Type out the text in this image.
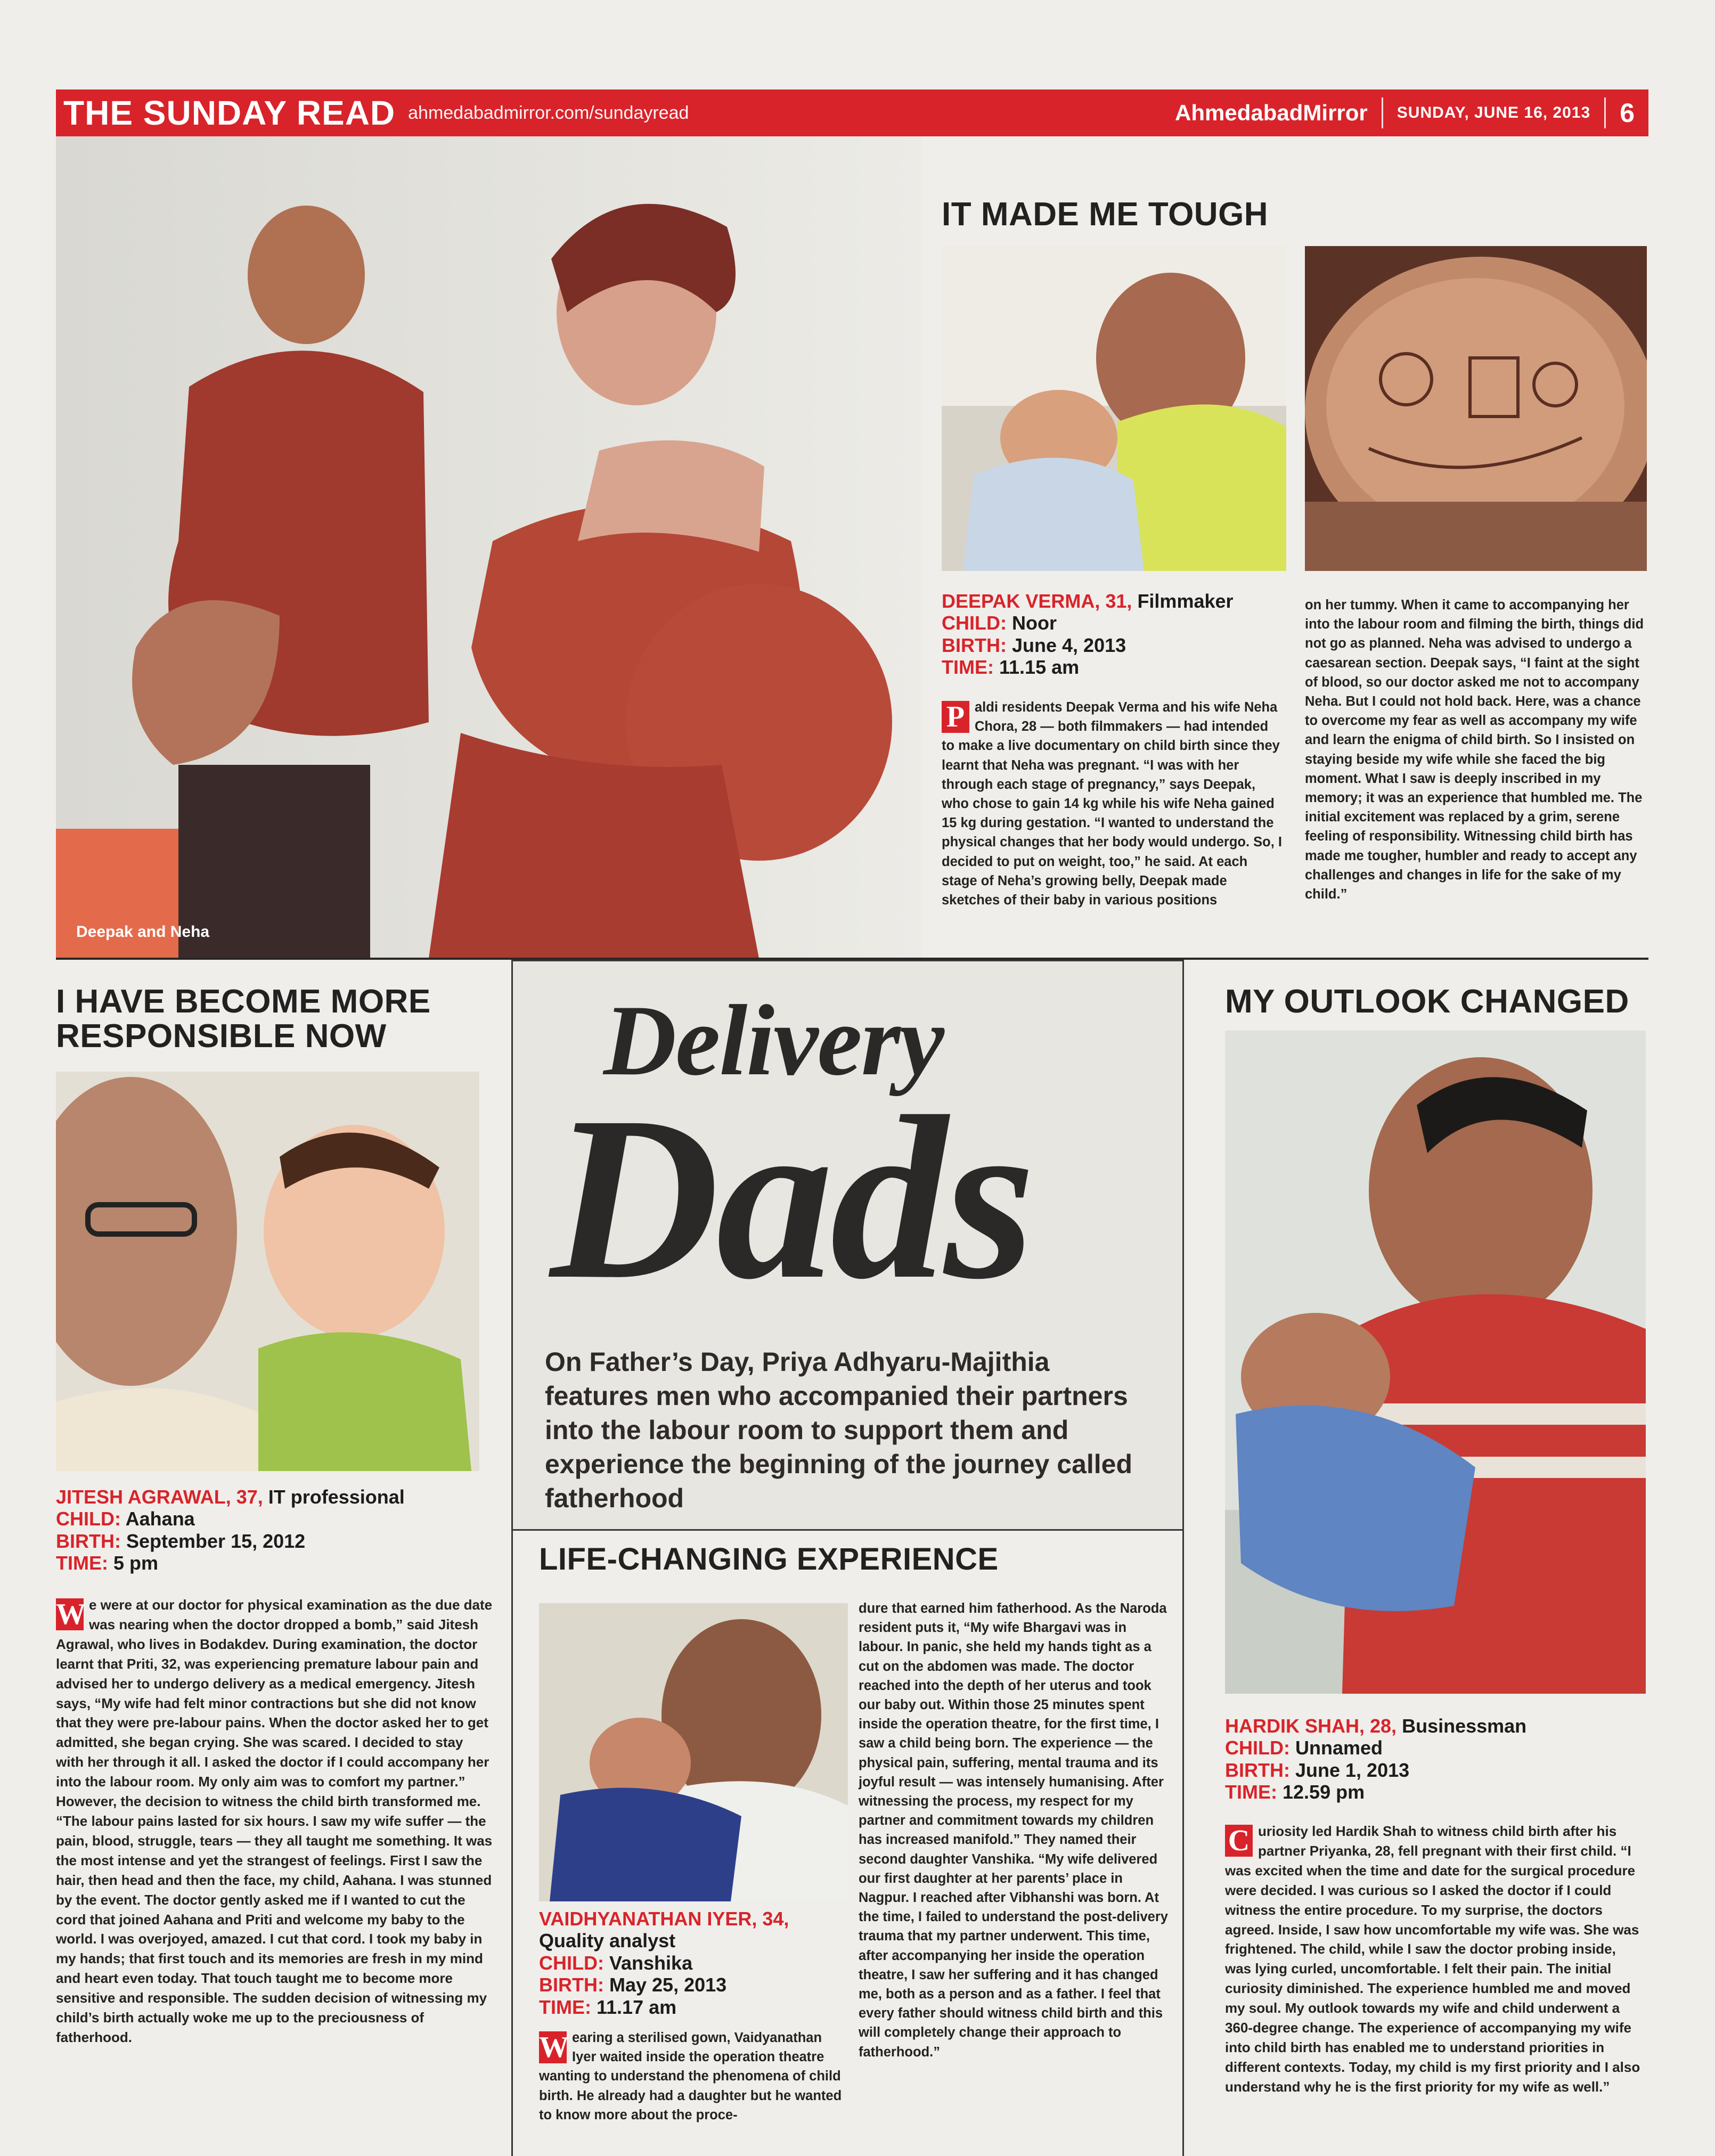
THE SUNDAY READ ahmedabadmirror.com/sundayread	AhmedabadMirror SUNDAY, JUNE 16, 2013 6
Deepak and Neha
IT MADE ME TOUGH
DEEPAK VERMA, 31, Filmmaker
CHILD: Noor
BIRTH: June 4, 2013
TIME: 11.15 am
P aldi residents Deepak Verma and his wife Neha Chora, 28 — both filmmakers — had intended to make a live documentary on child birth since they learnt that Neha was pregnant. “I was with her through each stage of pregnancy,” says Deepak, who chose to gain 14 kg while his wife Neha gained 15 kg during gestation. “I wanted to understand the physical changes that her body would undergo. So, I decided to put on weight, too,” he said. At each stage of Neha’s growing belly, Deepak made sketches of their baby in various positions

on her tummy. When it came to accompanying her into the labour room and filming the birth, things did not go as planned. Neha was advised to undergo a caesarean section. Deepak says, “I faint at the sight of blood, so our doctor asked me not to accompany Neha. But I could not hold back. Here, was a chance to overcome my fear as well as accompany my wife and learn the enigma of child birth. So I insisted on staying beside my wife while she faced the big moment. What I saw is deeply inscribed in my memory; it was an experience that humbled me. The initial excitement was replaced by a grim, serene feeling of responsibility. Witnessing child birth has made me tougher, humbler and ready to accept any challenges and changes in life for the sake of my child.”

I HAVE BECOME MORE
RESPONSIBLE NOW
JITESH AGRAWAL, 37, IT professional
CHILD: Aahana
BIRTH: September 15, 2012
TIME: 5 pm
W e were at our doctor for physical examination as the due date was nearing when the doctor dropped a bomb,” said Jitesh Agrawal, who lives in Bodakdev. During examination, the doctor learnt that Priti, 32, was experiencing premature labour pain and advised her to undergo delivery as a medical emergency. Jitesh says, “My wife had felt minor contractions but she did not know that they were pre-labour pains. When the doctor asked her to get admitted, she began crying. She was scared. I decided to stay with her through it all. I asked the doctor if I could accompany her into the labour room. My only aim was to comfort my partner.” However, the decision to witness the child birth transformed me. “The labour pains lasted for six hours. I saw my wife suffer — the pain, blood, struggle, tears — they all taught me something. It was the most intense and yet the strangest of feelings. First I saw the hair, then head and then the face, my child, Aahana. I was stunned by the event. The doctor gently asked me if I wanted to cut the cord that joined Aahana and Priti and welcome my baby to the world. I was overjoyed, amazed. I cut that cord. I took my baby in my hands; that first touch and its memories are fresh in my mind and heart even today. That touch taught me to become more sensitive and responsible. The sudden decision of witnessing my child’s birth actually woke me up to the preciousness of fatherhood.

Delivery
Dads
On Father’s Day, Priya Adhyaru-Majithia features men who accompanied their partners into the labour room to support them and experience the beginning of the journey called fatherhood
LIFE-CHANGING EXPERIENCE
VAIDHYANATHAN IYER, 34,
Quality analyst
CHILD: Vanshika
BIRTH: May 25, 2013
TIME: 11.17 am
W earing a sterilised gown, Vaidyanathan Iyer waited inside the operation theatre wanting to understand the phenomena of child birth. He already had a daughter but he wanted to know more about the proce-

dure that earned him fatherhood. As the Naroda resident puts it, “My wife Bhargavi was in labour. In panic, she held my hands tight as a cut on the abdomen was made. The doctor reached into the depth of her uterus and took our baby out. Within those 25 minutes spent inside the operation theatre, for the first time, I saw a child being born. The experience — the physical pain, suffering, mental trauma and its joyful result — was intensely humanising. After witnessing the process, my respect for my partner and commitment towards my children has increased manifold.” They named their second daughter Vanshika. “My wife delivered our first daughter at her parents’ place in Nagpur. I reached after Vibhanshi was born. At the time, I failed to understand the post-delivery trauma that my partner underwent. This time, after accompanying her inside the operation theatre, I saw her suffering and it has changed me, both as a person and as a father. I feel that every father should witness child birth and this will completely change their approach to fatherhood.”

MY OUTLOOK CHANGED
HARDIK SHAH, 28, Businessman
CHILD: Unnamed
BIRTH: June 1, 2013
TIME: 12.59 pm
C uriosity led Hardik Shah to witness child birth after his partner Priyanka, 28, fell pregnant with their first child. “I was excited when the time and date for the surgical procedure were decided. I was curious so I asked the doctor if I could witness the entire procedure. To my surprise, the doctors agreed. Inside, I saw how uncomfortable my wife was. She was frightened. The child, while I saw the doctor probing inside, was lying curled, uncomfortable. I felt their pain. The initial curiosity diminished. The experience humbled me and moved my soul. My outlook towards my wife and child underwent a 360-degree change. The experience of accompanying my wife into child birth has enabled me to understand priorities in different contexts. Today, my child is my first priority and I also understand why he is the first priority for my wife as well.”
